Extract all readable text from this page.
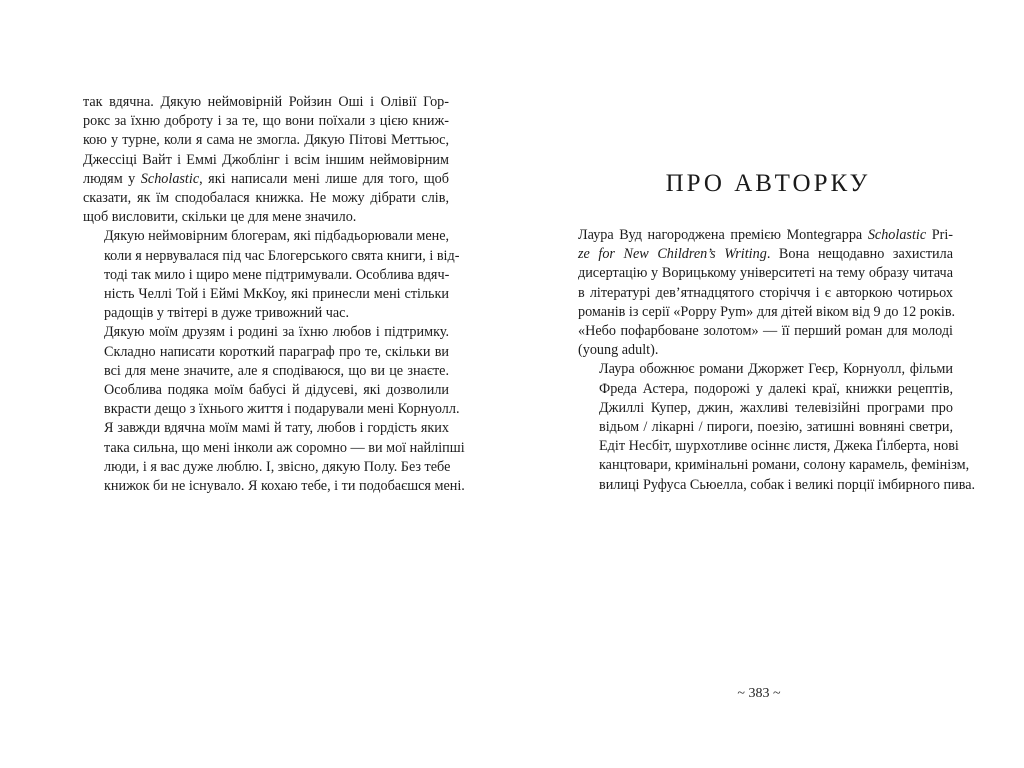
так вдячна. Дякую неймовірній Ройзин Оші і Олівії Гор-
рокс за їхню доброту і за те, що вони поїхали з цією книж-
кою у турне, коли я сама не змогла. Дякую Пітові Меттьюс,
Джессіці Вайт і Еммі Джоблінг і всім іншим неймовірним
людям у Scholastic, які написали мені лише для того, щоб
сказати, як їм сподобалася книжка. Не можу дібрати слів,
щоб висловити, скільки це для мене значило.

Дякую неймовірним блогерам, які підбадьорювали мене,
коли я нервувалася під час Блогерського свята книги, і від-
тоді так мило і щиро мене підтримували. Особлива вдяч-
ність Челлі Той і Еймі МкКоу, які принесли мені стільки
радощів у твітері в дуже тривожний час.

Дякую моїм друзям і родині за їхню любов і підтримку.
Складно написати короткий параграф про те, скільки ви
всі для мене значите, але я сподіваюся, що ви це знаєте.
Особлива подяка моїм бабусі й дідусеві, які дозволили
вкрасти дещо з їхнього життя і подарували мені Корнуолл.
Я завжди вдячна моїм мамі й тату, любов і гордість яких
така сильна, що мені інколи аж соромно — ви мої найліпші
люди, і я вас дуже люблю. І, звісно, дякую Полу. Без тебе
книжок би не існувало. Я кохаю тебе, і ти подобаєшся мені.

ПРО АВТОРКУ

Лаура Вуд нагороджена премією Montegrappa Scholastic Pri-
ze for New Children’s Writing. Вона нещодавно захистила
дисертацію у Ворицькому університеті на тему образу читача
в літературі дев’ятнадцятого сторіччя і є авторкою чотирьох
романів із серії «Poppy Pym» для дітей віком від 9 до 12 років.
«Небо пофарбоване золотом» — її перший роман для молоді
(young adult).

Лаура обожнює романи Джоржет Геєр, Корнуолл, фільми
Фреда Астера, подорожі у далекі краї, книжки рецептів,
Джиллі Купер, джин, жахливі телевізійні програми про
відьом / лікарні / пироги, поезію, затишні вовняні светри,
Едіт Несбіт, шурхотливе осіннє листя, Джека Ґілберта, нові
канцтовари, кримінальні романи, солону карамель, фемінізм,
вилиці Руфуса Сьюелла, собак і великі порції імбирного пива.

~ 383 ~
